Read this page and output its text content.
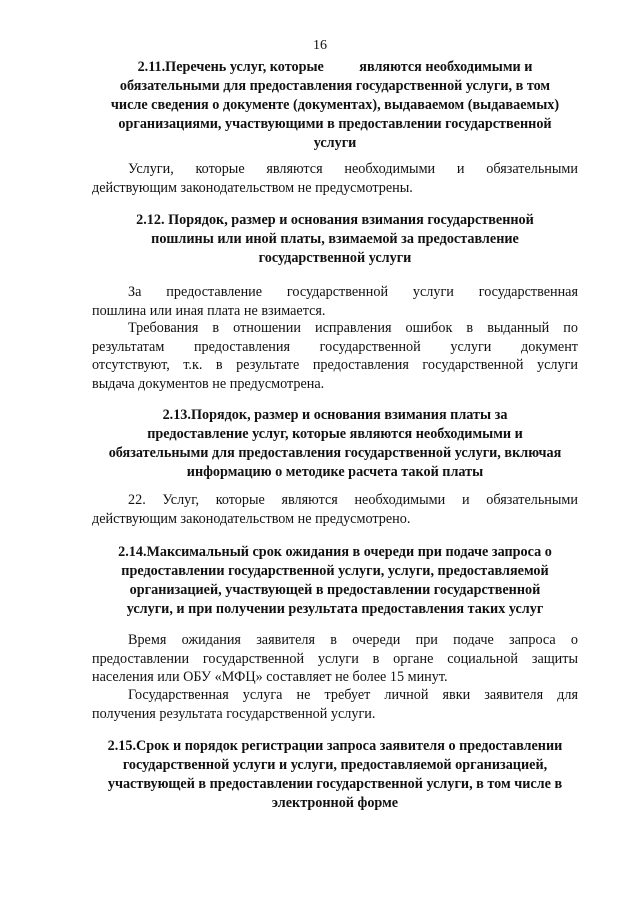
16
2.11.Перечень услуг, которые          являются необходимыми и
обязательными для предоставления государственной услуги, в том
числе сведения о документе (документах), выдаваемом (выдаваемых)
организациями, участвующими в предоставлении государственной
услуги
Услуги, которые являются необходимыми и обязательными
действующим законодательством не предусмотрены.
2.12. Порядок, размер и основания взимания государственной
пошлины или иной платы, взимаемой за предоставление
государственной услуги
За предоставление государственной услуги государственная
пошлина или иная плата не взимается.
Требования в отношении исправления ошибок в выданный по
результатам предоставления государственной услуги документ
отсутствуют, т.к. в результате предоставления государственной услуги
выдача документов не предусмотрена.
2.13.Порядок, размер и основания взимания платы за
предоставление услуг, которые являются необходимыми и
обязательными для предоставления государственной услуги, включая
информацию о методике расчета такой платы
22. Услуг, которые являются необходимыми и обязательными
действующим законодательством не предусмотрено.
2.14.Максимальный срок ожидания в очереди при подаче запроса о
предоставлении государственной услуги, услуги, предоставляемой
организацией, участвующей в предоставлении государственной
услуги, и при получении результата предоставления таких услуг
Время ожидания заявителя в очереди при подаче запроса о
предоставлении государственной услуги в органе социальной защиты
населения или ОБУ «МФЦ» составляет не более 15 минут.
Государственная услуга не требует личной явки заявителя для
получения результата государственной услуги.
2.15.Срок и порядок регистрации запроса заявителя о предоставлении
государственной услуги и услуги, предоставляемой организацией,
участвующей в предоставлении государственной услуги, в том числе в
электронной форме
